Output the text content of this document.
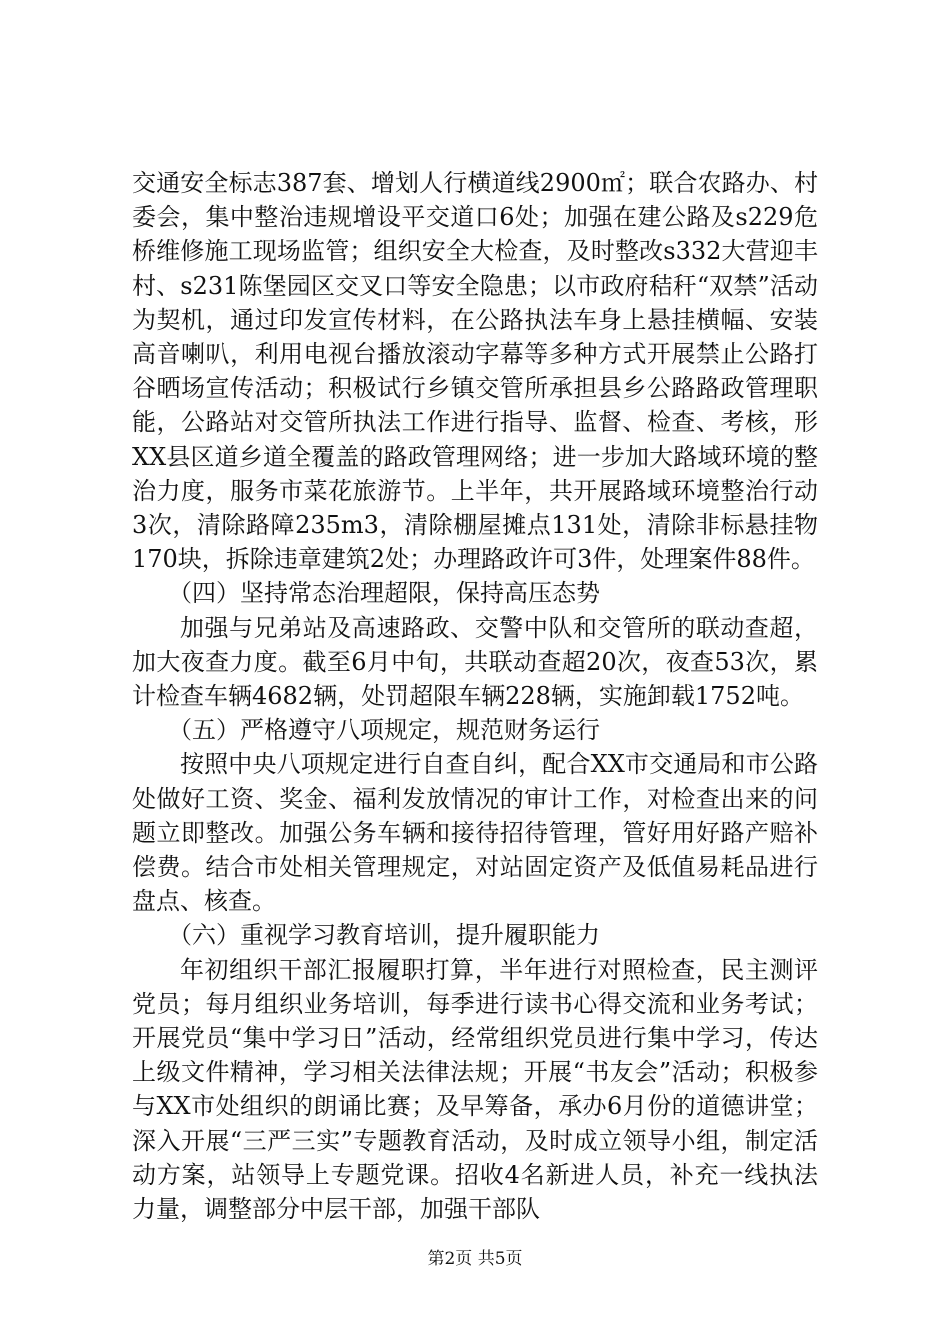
交通安全标志387套、增划人行横道线2900㎡；联合农路办、村委会，集中整治违规增设平交道口6处；加强在建公路及s229危桥维修施工现场监管；组织安全大检查，及时整改s332大营迎丰村、s231陈堡园区交叉口等安全隐患；以市政府秸秆“双禁”活动为契机，通过印发宣传材料，在公路执法车身上悬挂横幅、安装高音喇叭，利用电视台播放滚动字幕等多种方式开展禁止公路打谷晒场宣传活动；积极试行乡镇交管所承担县乡公路路政管理职能，公路站对交管所执法工作进行指导、监督、检查、考核，形XX县区道乡道全覆盖的路政管理网络；进一步加大路域环境的整治力度，服务市菜花旅游节。上半年，共开展路域环境整治行动3次，清除路障235m3，清除棚屋摊点131处，清除非标悬挂物170块，拆除违章建筑2处；办理路政许可3件，处理案件88件。

（四）坚持常态治理超限，保持高压态势

加强与兄弟站及高速路政、交警中队和交管所的联动查超，加大夜查力度。截至6月中旬，共联动查超20次，夜查53次，累计检查车辆4682辆，处罚超限车辆228辆，实施卸载1752吨。

（五）严格遵守八项规定，规范财务运行

按照中央八项规定进行自查自纠，配合XX市交通局和市公路处做好工资、奖金、福利发放情况的审计工作，对检查出来的问题立即整改。加强公务车辆和接待招待管理，管好用好路产赔补偿费。结合市处相关管理规定，对站固定资产及低值易耗品进行盘点、核查。

（六）重视学习教育培训，提升履职能力

年初组织干部汇报履职打算，半年进行对照检查，民主测评党员；每月组织业务培训，每季进行读书心得交流和业务考试；开展党员“集中学习日”活动，经常组织党员进行集中学习，传达上级文件精神，学习相关法律法规；开展“书友会”活动；积极参与XX市处组织的朗诵比赛；及早筹备，承办6月份的道德讲堂；深入开展“三严三实”专题教育活动，及时成立领导小组，制定活动方案，站领导上专题党课。招收4名新进人员，补充一线执法力量，调整部分中层干部，加强干部队

第2页 共5页
